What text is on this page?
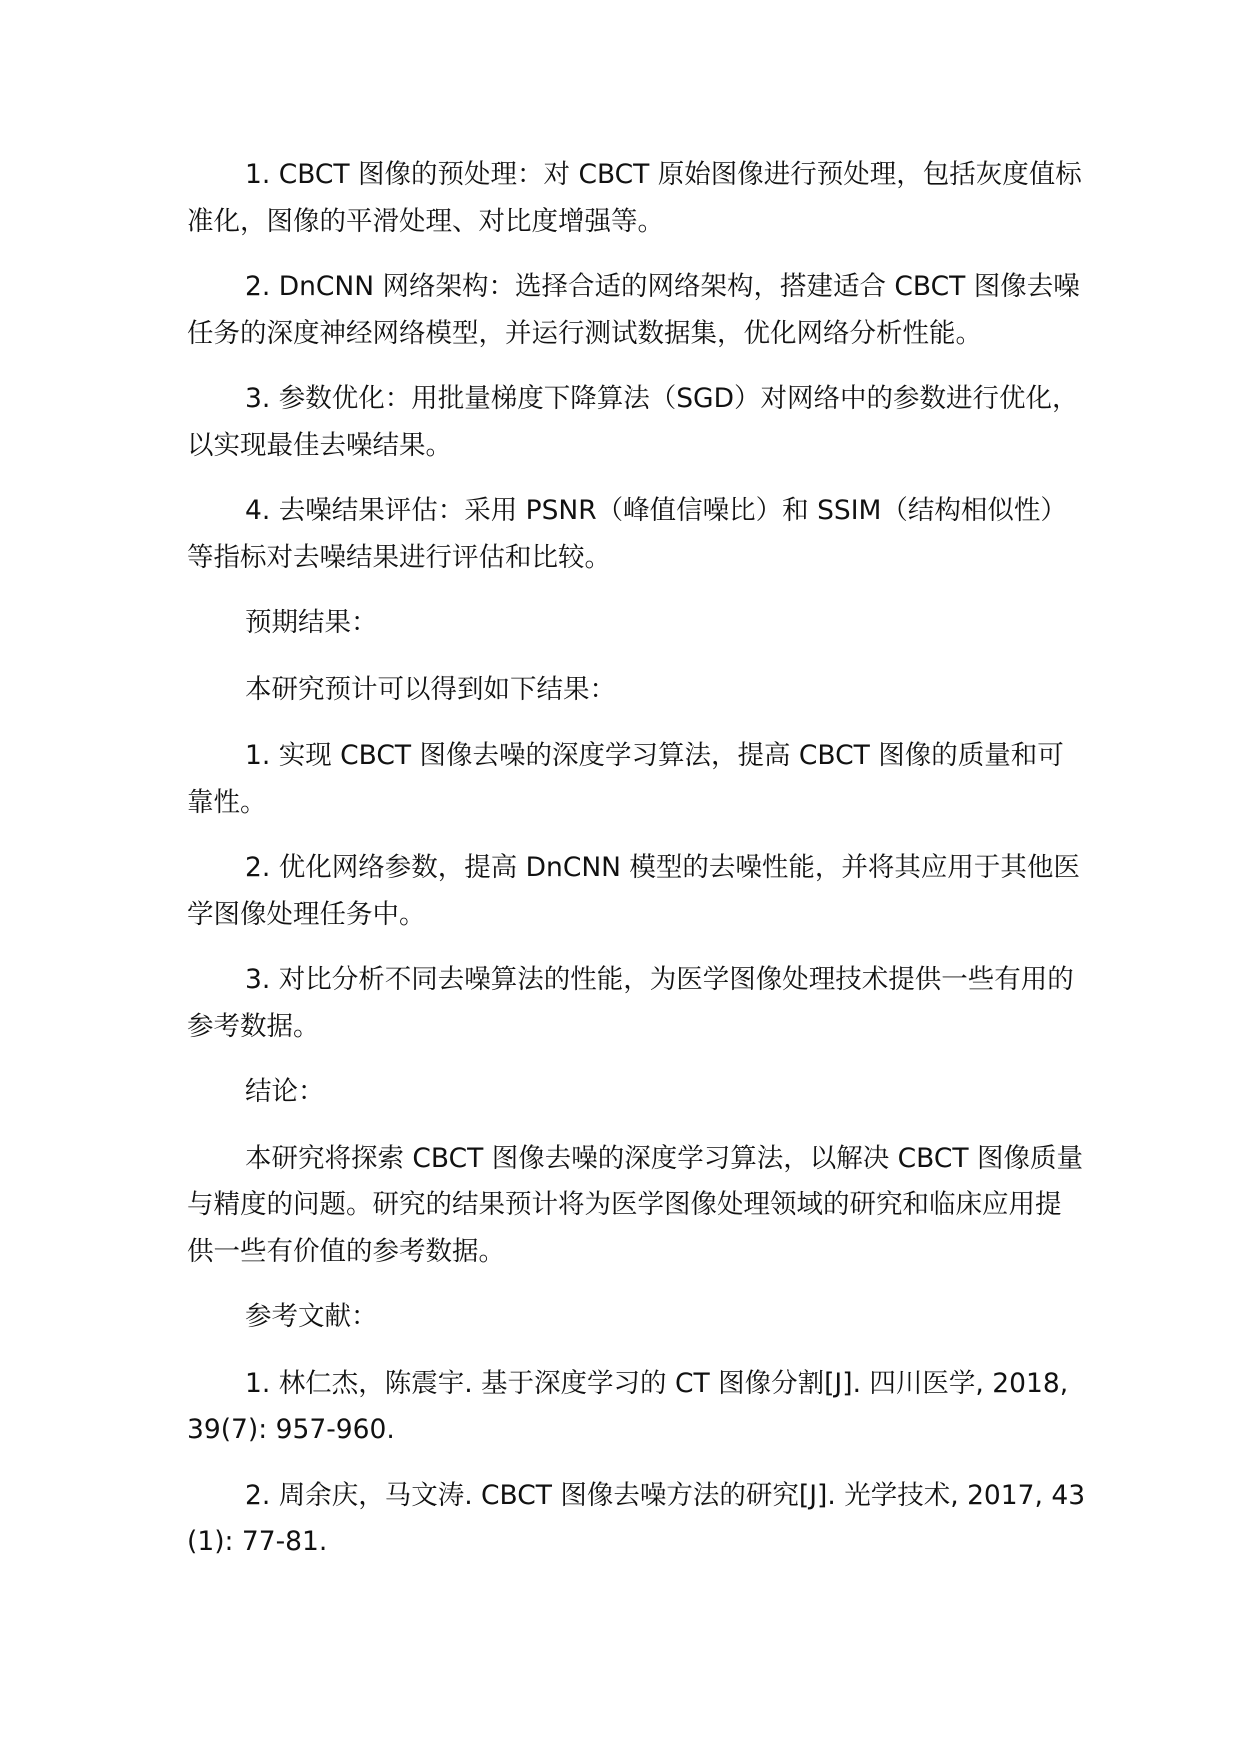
1. CBCT 图像的预处理：对 CBCT 原始图像进行预处理，包括灰度值标准化，图像的平滑处理、对比度增强等。

2. DnCNN 网络架构：选择合适的网络架构，搭建适合 CBCT 图像去噪任务的深度神经网络模型，并运行测试数据集，优化网络分析性能。

3. 参数优化：用批量梯度下降算法（SGD）对网络中的参数进行优化，以实现最佳去噪结果。

4. 去噪结果评估：采用 PSNR（峰值信噪比）和 SSIM（结构相似性）等指标对去噪结果进行评估和比较。

预期结果：

本研究预计可以得到如下结果：

1. 实现 CBCT 图像去噪的深度学习算法，提高 CBCT 图像的质量和可靠性。

2. 优化网络参数，提高 DnCNN 模型的去噪性能，并将其应用于其他医学图像处理任务中。

3. 对比分析不同去噪算法的性能，为医学图像处理技术提供一些有用的参考数据。

结论：

本研究将探索 CBCT 图像去噪的深度学习算法，以解决 CBCT 图像质量与精度的问题。研究的结果预计将为医学图像处理领域的研究和临床应用提供一些有价值的参考数据。

参考文献：

1. 林仁杰，陈震宇. 基于深度学习的 CT 图像分割[J]. 四川医学, 2018, 39(7): 957-960.

2. 周余庆，马文涛. CBCT 图像去噪方法的研究[J]. 光学技术, 2017, 43(1): 77-81.
